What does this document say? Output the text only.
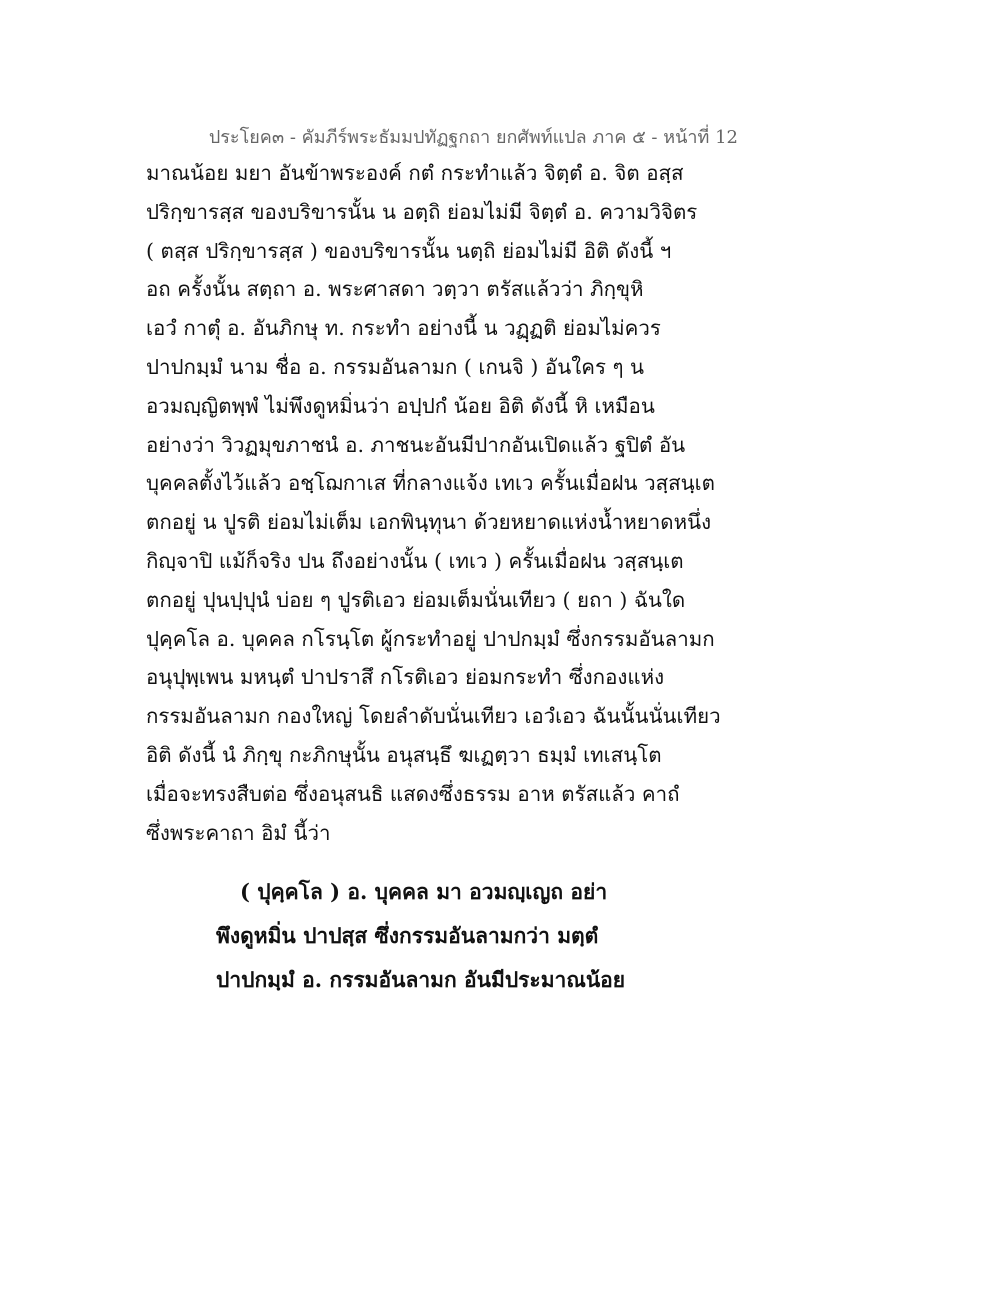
ประโยค๓ - คัมภีร์พระธัมมปทัฏฐกถา ยกศัพท์แปล ภาค ๕ - หน้าที่ 12
มาณน้อย มยา อันข้าพระองค์ กตํ กระทำแล้ว จิตฺตํ อ. จิต อสฺส
ปริกฺขารสฺส ของบริขารนั้น น อตฺถิ ย่อมไม่มี จิตฺตํ อ. ความวิจิตร
( ตสฺส ปริกฺขารสฺส ) ของบริขารนั้น นตฺถิ ย่อมไม่มี อิติ ดังนี้ ฯ
อถ ครั้งนั้น สตฺถา อ. พระศาสดา วตฺวา ตรัสแล้วว่า ภิกฺขุหิ
เอวํ กาตุํ อ. อันภิกษุ ท. กระทำ อย่างนี้ น วฏฺฏติ ย่อมไม่ควร
ปาปกมฺมํ นาม ชื่อ อ. กรรมอันลามก ( เกนจิ ) อันใคร ๆ น
อวมญฺญิตพฺพํ ไม่พึงดูหมิ่นว่า อปฺปกํ น้อย อิติ ดังนี้ หิ เหมือน
อย่างว่า วิวฏมุขภาชนํ อ. ภาชนะอันมีปากอันเปิดแล้ว ฐปิตํ อัน
บุคคลตั้งไว้แล้ว อชฺโฌกาเส ที่กลางแจ้ง เทเว ครั้นเมื่อฝน วสฺสนฺเต
ตกอยู่ น ปูรติ ย่อมไม่เต็ม เอกพินฺทุนา ด้วยหยาดแห่งน้ำหยาดหนึ่ง
กิญฺจาปิ แม้ก็จริง ปน ถึงอย่างนั้น ( เทเว ) ครั้นเมื่อฝน วสฺสนฺเต
ตกอยู่ ปุนปฺปุนํ บ่อย ๆ ปูรติเอว ย่อมเต็มนั่นเทียว ( ยถา ) ฉันใด
ปุคฺคโล อ. บุคคล กโรนฺโต ผู้กระทำอยู่ ปาปกมฺมํ ซึ่งกรรมอันลามก
อนุปุพฺเพน มหนฺตํ ปาปราสึ กโรติเอว ย่อมกระทำ ซึ่งกองแห่ง
กรรมอันลามก กองใหญ่ โดยลำดับนั่นเทียว เอวํเอว ฉันนั้นนั่นเทียว
อิติ ดังนี้ นํ ภิกฺขุ กะภิกษุนั้น อนุสนฺธึ ฆเฏตฺวา ธมฺมํ เทเสนฺโต
เมื่อจะทรงสืบต่อ ซึ่งอนุสนธิ แสดงซึ่งธรรม อาห ตรัสแล้ว คาถํ
ซึ่งพระคาถา อิมํ นี้ว่า
( ปุคฺคโล ) อ. บุคคล มา อวมญฺเญถ อย่า
พึงดูหมิ่น ปาปสฺส ซึ่งกรรมอันลามกว่า มตฺตํ
ปาปกมฺมํ อ. กรรมอันลามก อันมีประมาณน้อย
